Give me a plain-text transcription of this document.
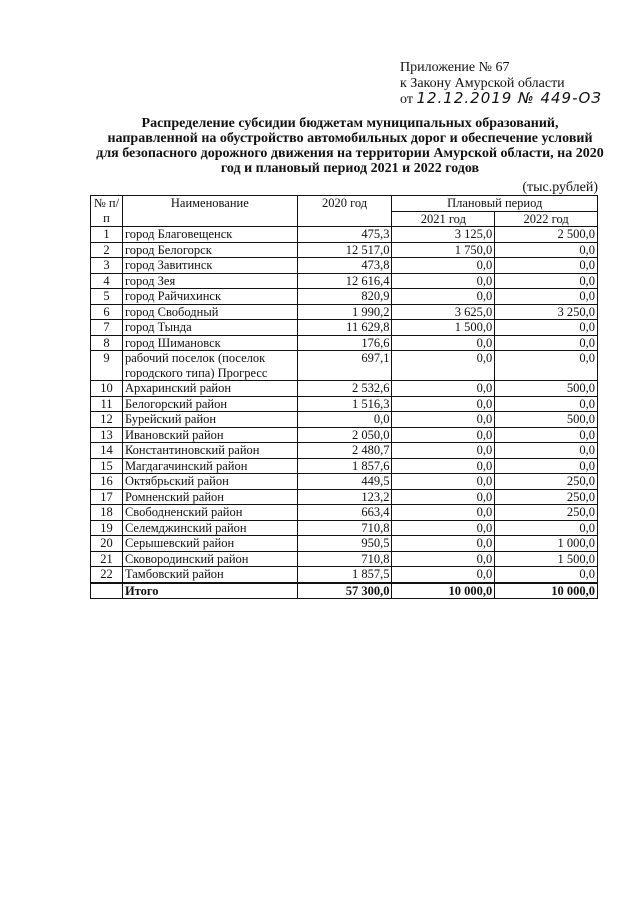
Приложение № 67
к Закону Амурской области
от 12.12.2019 № 449-ОЗ
Распределение субсидии бюджетам муниципальных образований, направленной на обустройство автомобильных дорог и обеспечение условий для безопасного дорожного движения на территории Амурской области, на 2020 год и плановый период 2021 и 2022 годов
(тыс.рублей)
№ п/п	Наименование	2020 год	Плановый период	
			2021 год	2022 год
1	город Благовещенск	475,3	3 125,0	2 500,0
2	город Белогорск	12 517,0	1 750,0	0,0
3	город Завитинск	473,8	0,0	0,0
4	город Зея	12 616,4	0,0	0,0
5	город Райчихинск	820,9	0,0	0,0
6	город Свободный	1 990,2	3 625,0	3 250,0
7	город Тында	11 629,8	1 500,0	0,0
8	город Шимановск	176,6	0,0	0,0
9	рабочий поселок (поселок городского типа) Прогресс	697,1	0,0	0,0
10	Архаринский район	2 532,6	0,0	500,0
11	Белогорский район	1 516,3	0,0	0,0
12	Бурейский район	0,0	0,0	500,0
13	Ивановский район	2 050,0	0,0	0,0
14	Константиновский район	2 480,7	0,0	0,0
15	Магдагачинский район	1 857,6	0,0	0,0
16	Октябрьский район	449,5	0,0	250,0
17	Ромненский район	123,2	0,0	250,0
18	Свободненский район	663,4	0,0	250,0
19	Селемджинский район	710,8	0,0	0,0
20	Серышевский район	950,5	0,0	1 000,0
21	Сковородинский район	710,8	0,0	1 500,0
22	Тамбовский район	1 857,5	0,0	0,0
	Итого	57 300,0	10 000,0	10 000,0
